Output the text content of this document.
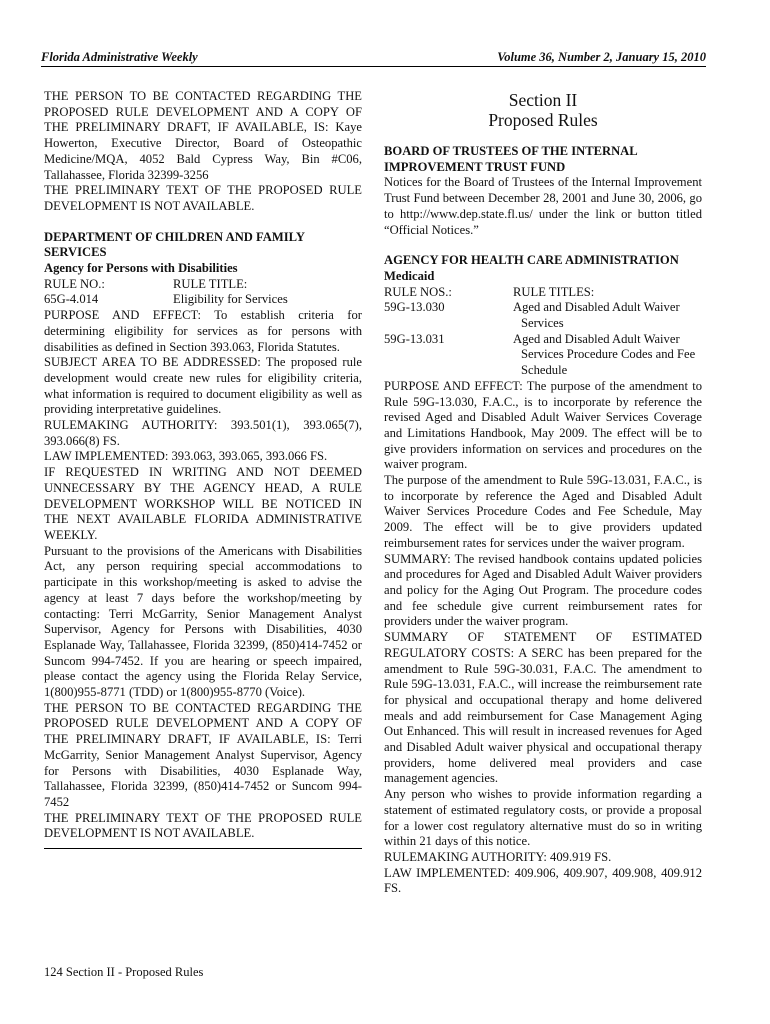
Florida Administrative Weekly	Volume 36, Number 2, January 15, 2010

THE PERSON TO BE CONTACTED REGARDING THE PROPOSED RULE DEVELOPMENT AND A COPY OF THE PRELIMINARY DRAFT, IF AVAILABLE, IS: Kaye Howerton, Executive Director, Board of Osteopathic Medicine/MQA, 4052 Bald Cypress Way, Bin #C06, Tallahassee, Florida 32399-3256

THE PRELIMINARY TEXT OF THE PROPOSED RULE DEVELOPMENT IS NOT AVAILABLE.

DEPARTMENT OF CHILDREN AND FAMILY SERVICES
Agency for Persons with Disabilities
RULE NO.:	RULE TITLE:
65G-4.014	Eligibility for Services

PURPOSE AND EFFECT: To establish criteria for determining eligibility for services as for persons with disabilities as defined in Section 393.063, Florida Statutes.

SUBJECT AREA TO BE ADDRESSED: The proposed rule development would create new rules for eligibility criteria, what information is required to document eligibility as well as providing interpretative guidelines.

RULEMAKING AUTHORITY: 393.501(1), 393.065(7), 393.066(8) FS.

LAW IMPLEMENTED: 393.063, 393.065, 393.066 FS.

IF REQUESTED IN WRITING AND NOT DEEMED UNNECESSARY BY THE AGENCY HEAD, A RULE DEVELOPMENT WORKSHOP WILL BE NOTICED IN THE NEXT AVAILABLE FLORIDA ADMINISTRATIVE WEEKLY.

Pursuant to the provisions of the Americans with Disabilities Act, any person requiring special accommodations to participate in this workshop/meeting is asked to advise the agency at least 7 days before the workshop/meeting by contacting: Terri McGarrity, Senior Management Analyst Supervisor, Agency for Persons with Disabilities, 4030 Esplanade Way, Tallahassee, Florida 32399, (850)414-7452 or Suncom 994-7452. If you are hearing or speech impaired, please contact the agency using the Florida Relay Service, 1(800)955-8771 (TDD) or 1(800)955-8770 (Voice).

THE PERSON TO BE CONTACTED REGARDING THE PROPOSED RULE DEVELOPMENT AND A COPY OF THE PRELIMINARY DRAFT, IF AVAILABLE, IS: Terri McGarrity, Senior Management Analyst Supervisor, Agency for Persons with Disabilities, 4030 Esplanade Way, Tallahassee, Florida 32399, (850)414-7452 or Suncom 994-7452

THE PRELIMINARY TEXT OF THE PROPOSED RULE DEVELOPMENT IS NOT AVAILABLE.

Section II
Proposed Rules
BOARD OF TRUSTEES OF THE INTERNAL IMPROVEMENT TRUST FUND

Notices for the Board of Trustees of the Internal Improvement Trust Fund between December 28, 2001 and June 30, 2006, go to http://www.dep.state.fl.us/ under the link or button titled “Official Notices.”

AGENCY FOR HEALTH CARE ADMINISTRATION
Medicaid
RULE NOS.:	RULE TITLES:
59G-13.030	Aged and Disabled Adult Waiver
Services
59G-13.031	Aged and Disabled Adult Waiver
Services Procedure Codes and Fee
Schedule

PURPOSE AND EFFECT: The purpose of the amendment to Rule 59G-13.030, F.A.C., is to incorporate by reference the revised Aged and Disabled Adult Waiver Services Coverage and Limitations Handbook, May 2009. The effect will be to give providers information on services and procedures on the waiver program.

The purpose of the amendment to Rule 59G-13.031, F.A.C., is to incorporate by reference the Aged and Disabled Adult Waiver Services Procedure Codes and Fee Schedule, May 2009. The effect will be to give providers updated reimbursement rates for services under the waiver program.

SUMMARY: The revised handbook contains updated policies and procedures for Aged and Disabled Adult Waiver providers and policy for the Aging Out Program. The procedure codes and fee schedule give current reimbursement rates for providers under the waiver program.

SUMMARY OF STATEMENT OF ESTIMATED REGULATORY COSTS: A SERC has been prepared for the amendment to Rule 59G-30.031, F.A.C. The amendment to Rule 59G-13.031, F.A.C., will increase the reimbursement rate for physical and occupational therapy and home delivered meals and add reimbursement for Case Management Aging Out Enhanced. This will result in increased revenues for Aged and Disabled Adult waiver physical and occupational therapy providers, home delivered meal providers and case management agencies.

Any person who wishes to provide information regarding a statement of estimated regulatory costs, or provide a proposal for a lower cost regulatory alternative must do so in writing within 21 days of this notice.

RULEMAKING AUTHORITY: 409.919 FS.

LAW IMPLEMENTED: 409.906, 409.907, 409.908, 409.912 FS.

124 Section II - Proposed Rules
